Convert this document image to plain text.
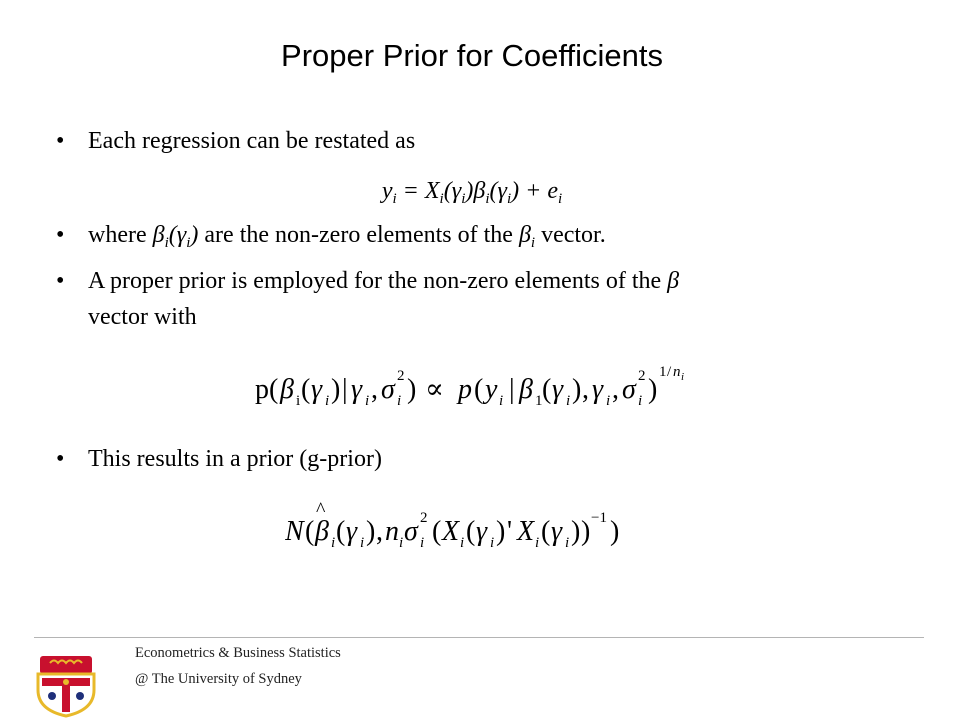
Proper Prior for Coefficients
• Each regression can be restated as
$y_i = X_i(\gamma_i)\beta_i(\gamma_i) + e_i$
• where $\beta_i(\gamma_i)$ are the non-zero elements of the $\beta_i$ vector.
• A proper prior is employed for the non-zero elements of the β
vector with
p( β i ( γ i ) | γ i , σ 2
i ) ∝ p ( y i | β 1 ( γ i ) , γ i , σ 2
i )
1 / n i
• This results in a prior (g-prior)
N (
^
β i ( γ i ) , n i σ 2
i ( X i ( γ i ) ' X i ( γ i ) ) −1 )
Econometrics & Business Statistics
@ The University of Sydney
